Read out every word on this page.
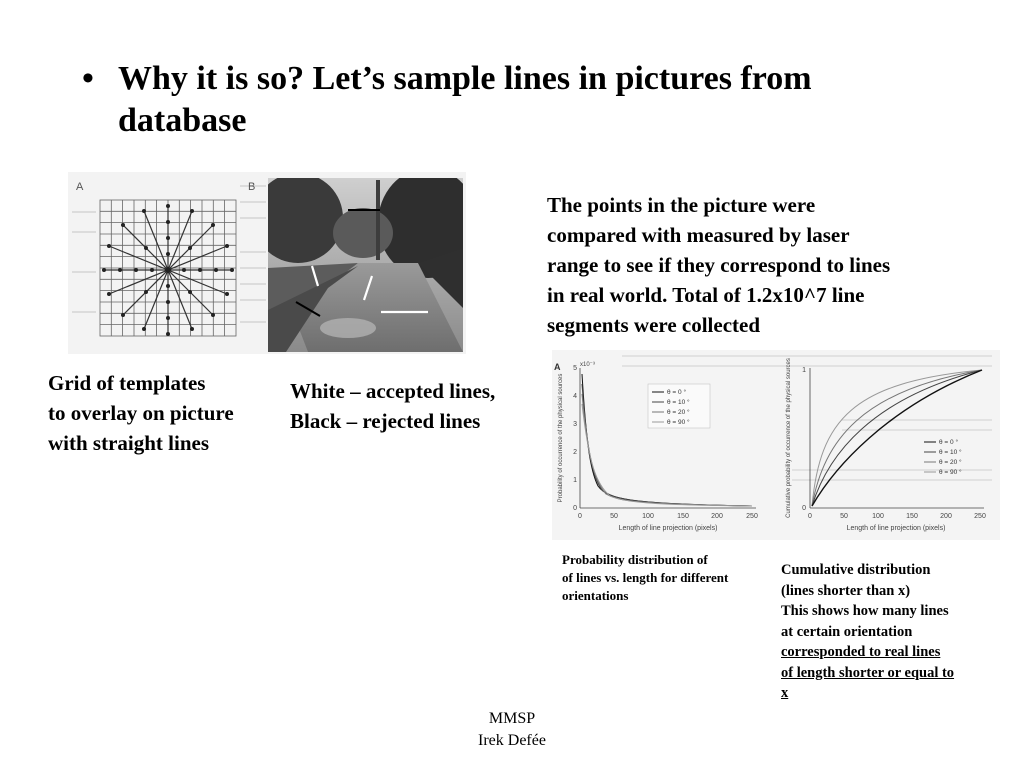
• Why it is so? Let’s sample lines in pictures from database
A	B
Grid of templates
to overlay on picture
with straight lines
White – accepted lines,
Black – rejected lines
The points in the picture were
compared with measured by laser
range to see if they correspond to lines
in real world. Total of 1.2x10^7 line
segments were collected
A	x10⁻³
0
1
2
3
4
5
0	50	100	150	200	250
Length of line projection (pixels)
Probability of occurrence of the physical sources	θ = 0 °
θ = 10 °
θ = 20 °
θ = 90 °
0
1
0	50	100	150	200	250
Length of line projection (pixels)
Cumulative probability of occurrence of the physical sources	θ = 0 °
θ = 10 °
θ = 20 °
θ = 90 °
Probability distribution of
of lines vs. length for different
orientations
Cumulative distribution
(lines shorter than x)
This shows how many lines
at certain orientation
corresponded to real lines
of length shorter or equal to
x
MMSP
Irek Defée
